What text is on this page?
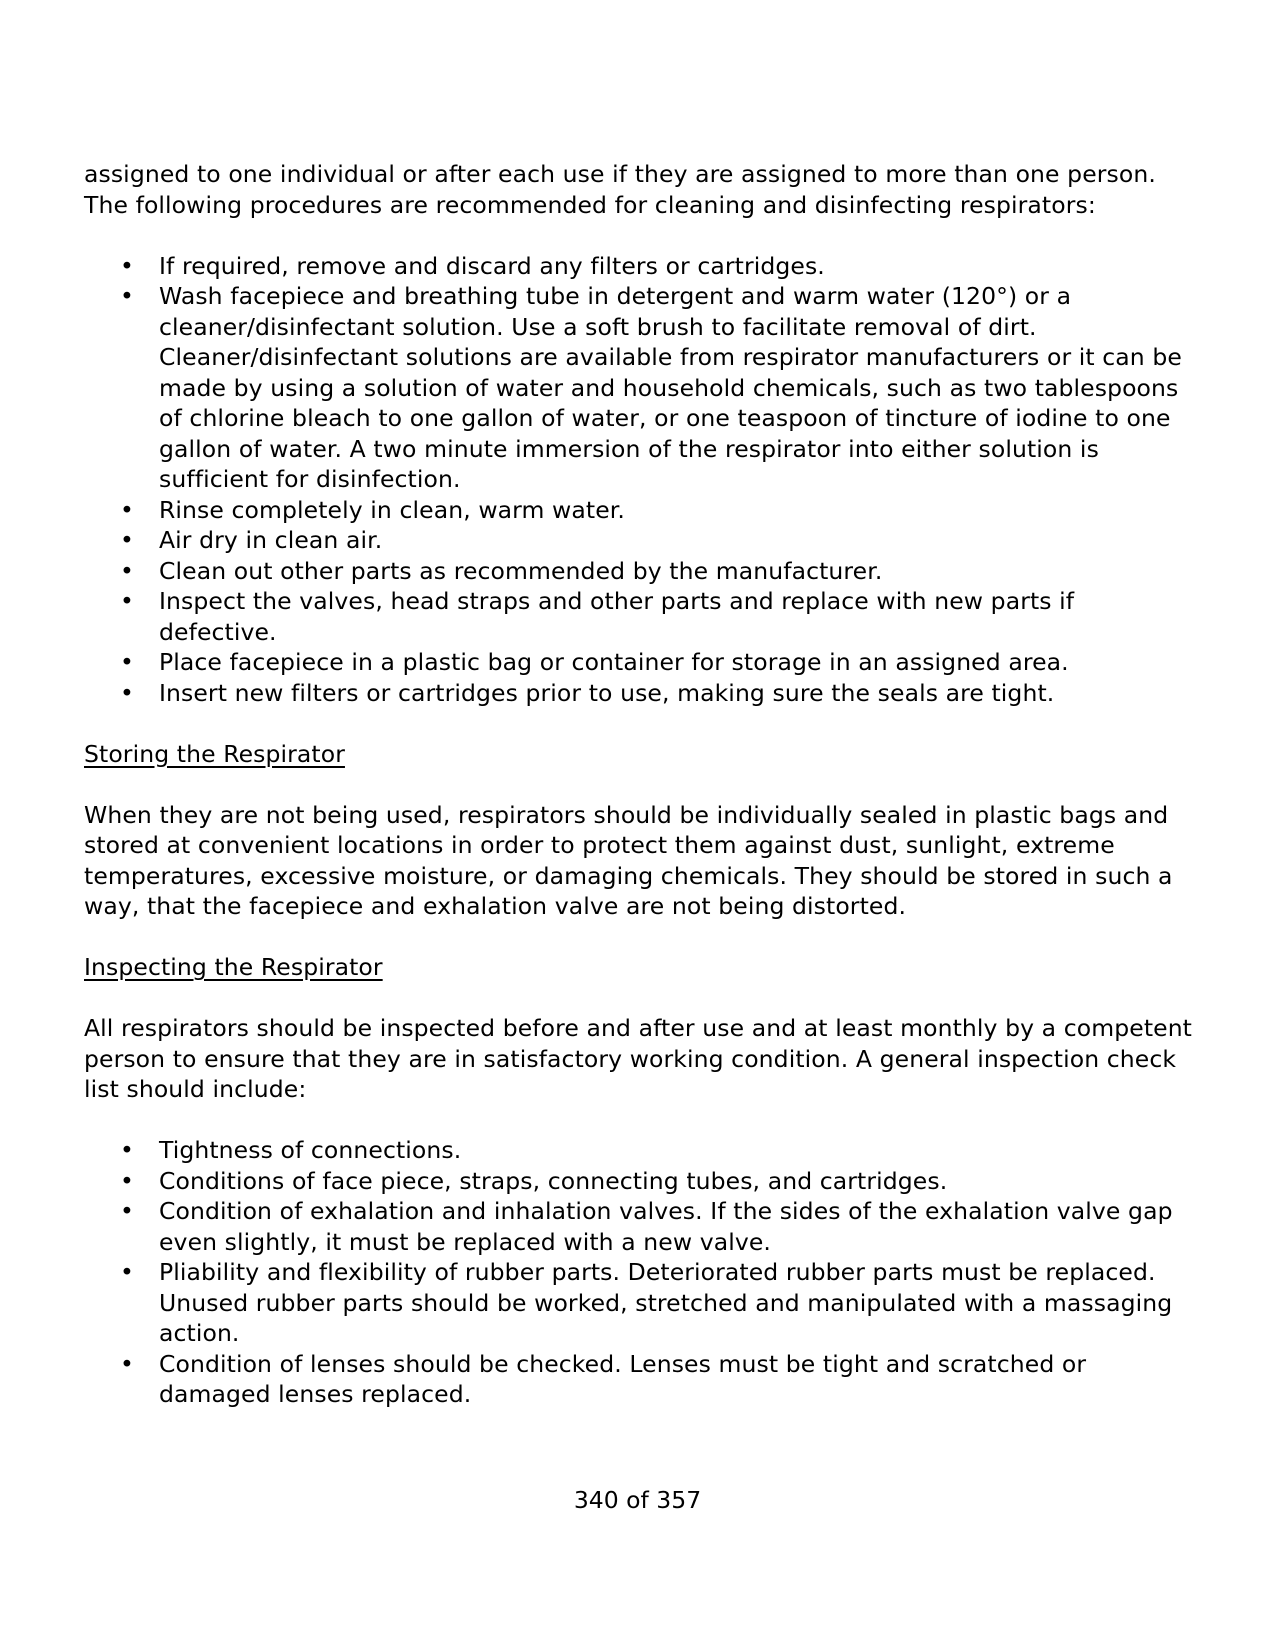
assigned to one individual or after each use if they are assigned to more than one person. The following procedures are recommended for cleaning and disinfecting respirators:

• If required, remove and discard any filters or cartridges.
• Wash facepiece and breathing tube in detergent and warm water (120°) or a cleaner/disinfectant solution. Use a soft brush to facilitate removal of dirt. Cleaner/disinfectant solutions are available from respirator manufacturers or it can be made by using a solution of water and household chemicals, such as two tablespoons of chlorine bleach to one gallon of water, or one teaspoon of tincture of iodine to one gallon of water. A two minute immersion of the respirator into either solution is sufficient for disinfection.
• Rinse completely in clean, warm water.
• Air dry in clean air.
• Clean out other parts as recommended by the manufacturer.
• Inspect the valves, head straps and other parts and replace with new parts if defective.
• Place facepiece in a plastic bag or container for storage in an assigned area.
• Insert new filters or cartridges prior to use, making sure the seals are tight.

Storing the Respirator

When they are not being used, respirators should be individually sealed in plastic bags and stored at convenient locations in order to protect them against dust, sunlight, extreme temperatures, excessive moisture, or damaging chemicals. They should be stored in such a way, that the facepiece and exhalation valve are not being distorted.

Inspecting the Respirator

All respirators should be inspected before and after use and at least monthly by a competent person to ensure that they are in satisfactory working condition. A general inspection check list should include:

• Tightness of connections.
• Conditions of face piece, straps, connecting tubes, and cartridges.
• Condition of exhalation and inhalation valves. If the sides of the exhalation valve gap even slightly, it must be replaced with a new valve.
• Pliability and flexibility of rubber parts. Deteriorated rubber parts must be replaced. Unused rubber parts should be worked, stretched and manipulated with a massaging action.
• Condition of lenses should be checked. Lenses must be tight and scratched or damaged lenses replaced.
340 of 357
